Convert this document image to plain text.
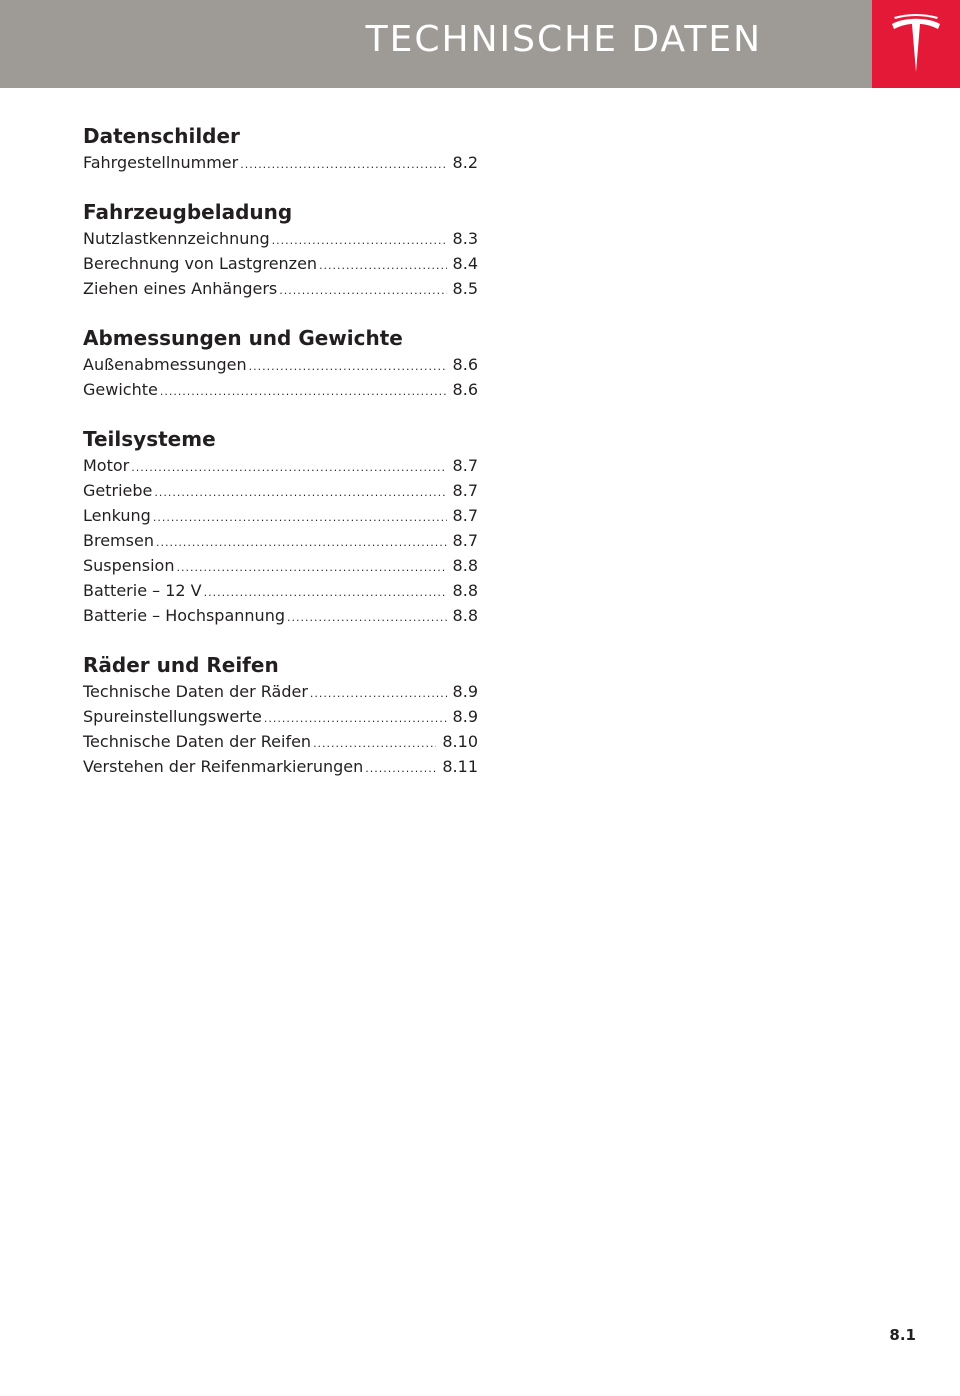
TECHNISCHE DATEN
Datenschilder
Fahrgestellnummer .....	8.2
Fahrzeugbeladung
Nutzlastkennzeichnung .....	8.3
Berechnung von Lastgrenzen .....	8.4
Ziehen eines Anhängers .....	8.5
Abmessungen und Gewichte
Außenabmessungen .....	8.6
Gewichte .....	8.6
Teilsysteme
Motor .....	8.7
Getriebe .....	8.7
Lenkung .....	8.7
Bremsen .....	8.7
Suspension .....	8.8
Batterie – 12 V .....	8.8
Batterie – Hochspannung .....	8.8
Räder und Reifen
Technische Daten der Räder .....	8.9
Spureinstellungswerte .....	8.9
Technische Daten der Reifen .....	8.10
Verstehen der Reifenmarkierungen .....	8.11
8.1
